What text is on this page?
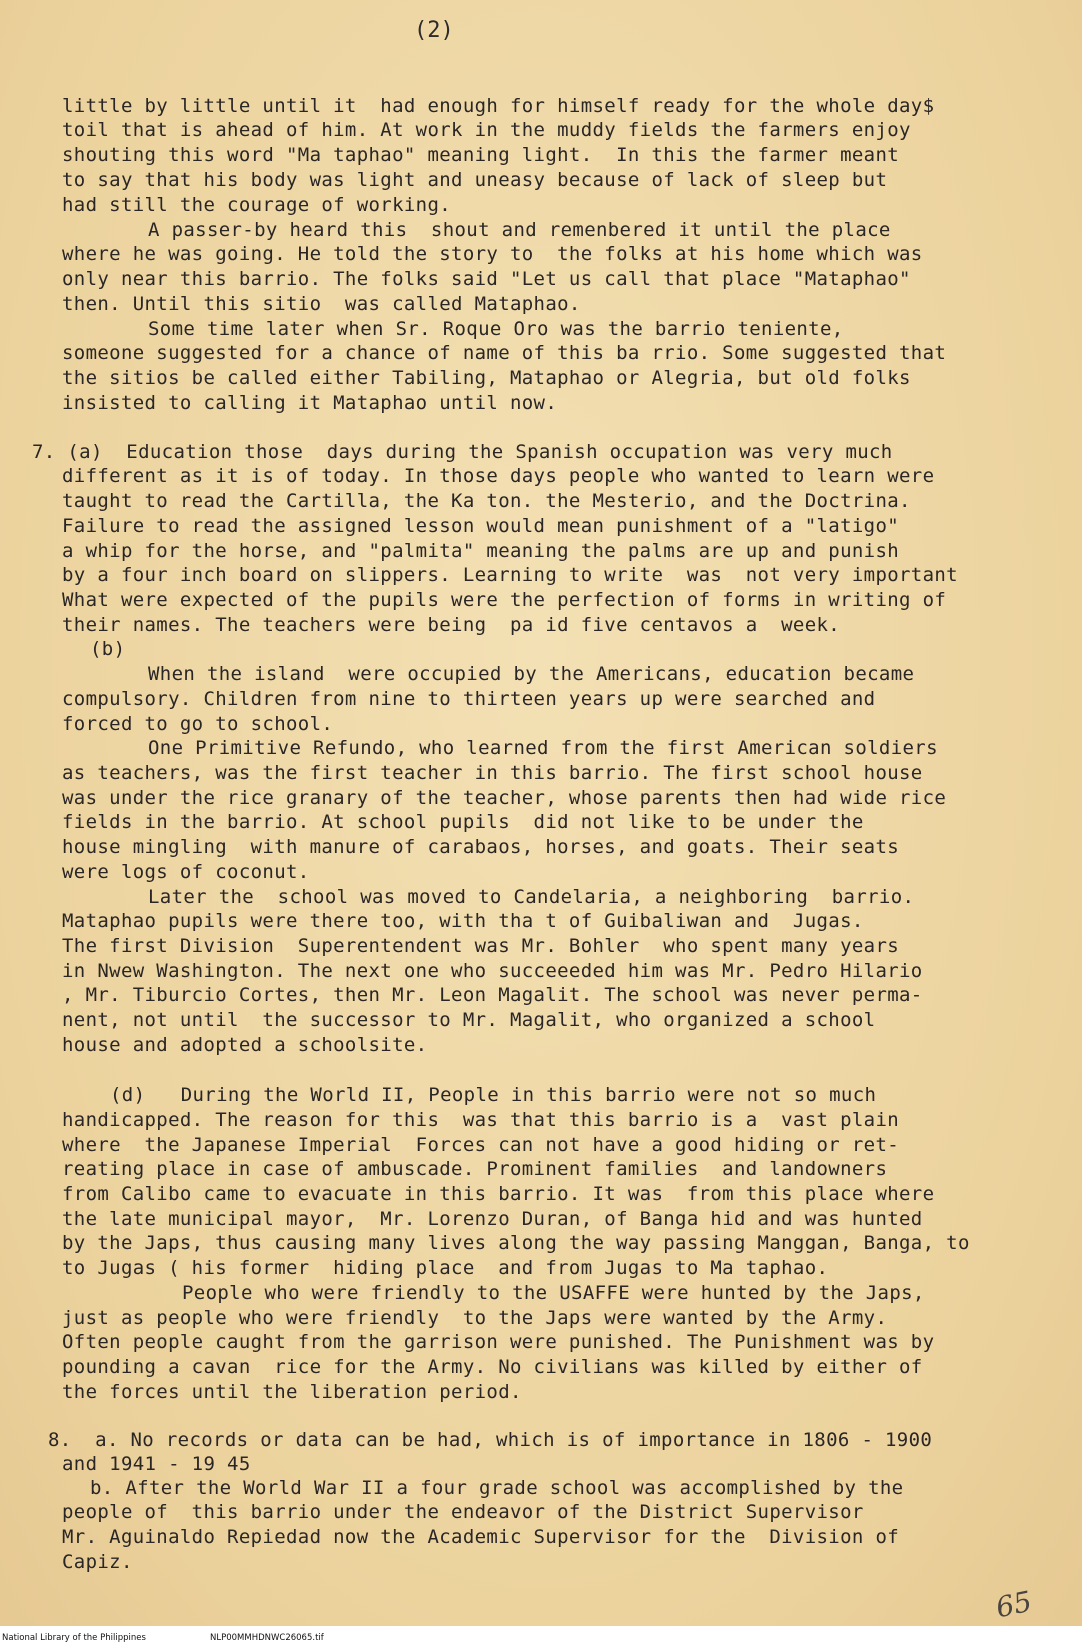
(2)
little by little until it  had enough for himself ready for the whole day$
toil that is ahead of him. At work in the muddy fields the farmers enjoy
shouting this word "Ma taphao" meaning light.  In this the farmer meant
to say that his body was light and uneasy because of lack of sleep but
had still the courage of working.
A passer-by heard this  shout and remenbered it until the place
where he was going. He told the story to  the folks at his home which was
only near this barrio. The folks said "Let us call that place "Mataphao"
then. Until this sitio  was called Mataphao.
Some time later when Sr. Roque Oro was the barrio teniente,
someone suggested for a chance of name of this ba rrio. Some suggested that
the sitios be called either Tabiling, Mataphao or Alegria, but old folks
insisted to calling it Mataphao until now.
7. (a)  Education those  days during the Spanish occupation was very much
different as it is of today. In those days people who wanted to learn were
taught to read the Cartilla, the Ka ton. the Mesterio, and the Doctrina.
Failure to read the assigned lesson would mean punishment of a "latigo"
a whip for the horse, and "palmita" meaning the palms are up and punish
by a four inch board on slippers. Learning to write  was  not very important
What were expected of the pupils were the perfection of forms in writing of
their names. The teachers were being  pa id five centavos a  week.
(b)
When the island  were occupied by the Americans, education became
compulsory. Children from nine to thirteen years up were searched and
forced to go to school.
One Primitive Refundo, who learned from the first American soldiers
as teachers, was the first teacher in this barrio. The first school house
was under the rice granary of the teacher, whose parents then had wide rice
fields in the barrio. At school pupils  did not like to be under the
house mingling  with manure of carabaos, horses, and goats. Their seats
were logs of coconut.
Later the  school was moved to Candelaria, a neighboring  barrio.
Mataphao pupils were there too, with tha t of Guibaliwan and  Jugas.
The first Division  Superentendent was Mr. Bohler  who spent many years
in Nwew Washington. The next one who succeeeded him was Mr. Pedro Hilario
, Mr. Tiburcio Cortes, then Mr. Leon Magalit. The school was never perma-
nent, not until  the successor to Mr. Magalit, who organized a school
house and adopted a schoolsite.
(d)   During the World II, People in this barrio were not so much
handicapped. The reason for this  was that this barrio is a  vast plain
where  the Japanese Imperial  Forces can not have a good hiding or ret-
reating place in case of ambuscade. Prominent families  and landowners
from Calibo came to evacuate in this barrio. It was  from this place where
the late municipal mayor,  Mr. Lorenzo Duran, of Banga hid and was hunted
by the Japs, thus causing many lives along the way passing Manggan, Banga, to
to Jugas ( his former  hiding place  and from Jugas to Ma taphao.
People who were friendly to the USAFFE were hunted by the Japs,
just as people who were friendly  to the Japs were wanted by the Army.
Often people caught from the garrison were punished. The Punishment was by
pounding a cavan  rice for the Army. No civilians was killed by either of
the forces until the liberation period.
8.  a. No records or data can be had, which is of importance in 1806 - 1900
and 1941 - 19 45
b. After the World War II a four grade school was accomplished by the
people of  this barrio under the endeavor of the District Supervisor
Mr. Aguinaldo Repiedad now the Academic Supervisor for the  Division of
Capiz.
65
National Library of the Philippines	NLP00MMHDNWC26065.tif
